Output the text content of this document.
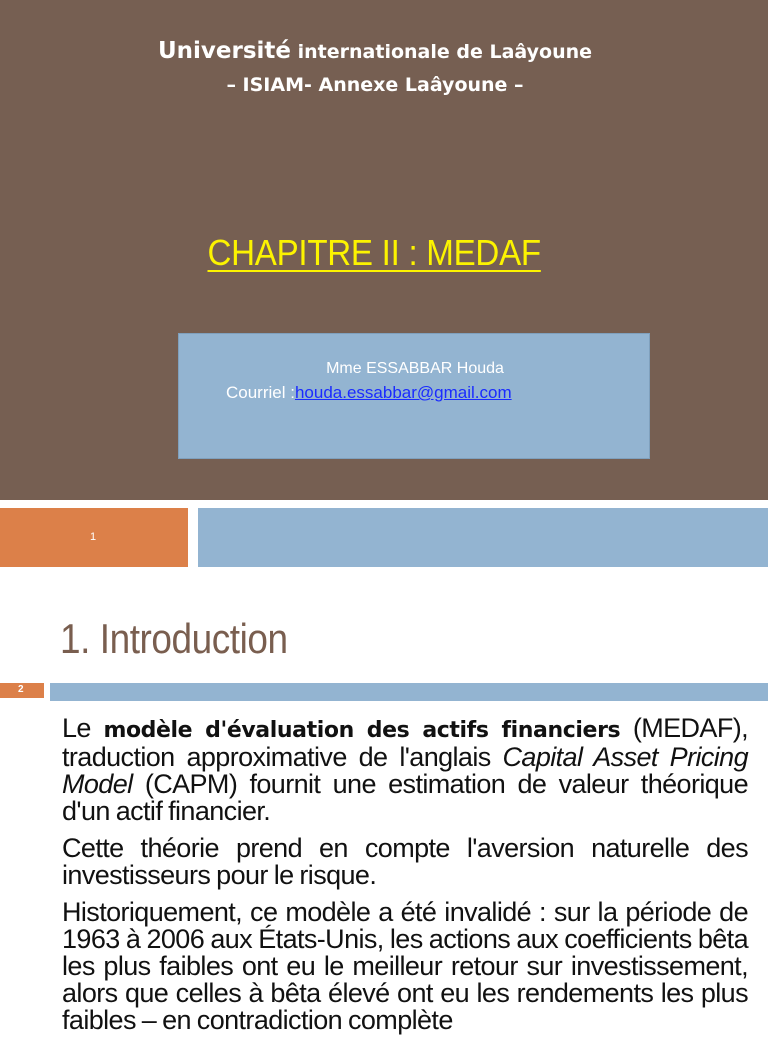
Université internationale de Laâyoune
– ISIAM- Annexe Laâyoune –
CHAPITRE II : MEDAF
Mme ESSABBAR Houda
Courriel :houda.essabbar@gmail.com
1
1. Introduction
2

Le modèle d'évaluation des actifs financiers (MEDAF), traduction approximative de l'anglais Capital Asset Pricing Model (CAPM) fournit une estimation de valeur théorique d'un actif financier.

Cette théorie prend en compte l'aversion naturelle des investisseurs pour le risque.

Historiquement, ce modèle a été invalidé : sur la période de 1963 à 2006 aux États-Unis, les actions aux coefficients bêta les plus faibles ont eu le meilleur retour sur investissement, alors que celles à bêta élevé ont eu les rendements les plus faibles – en contradiction complète
